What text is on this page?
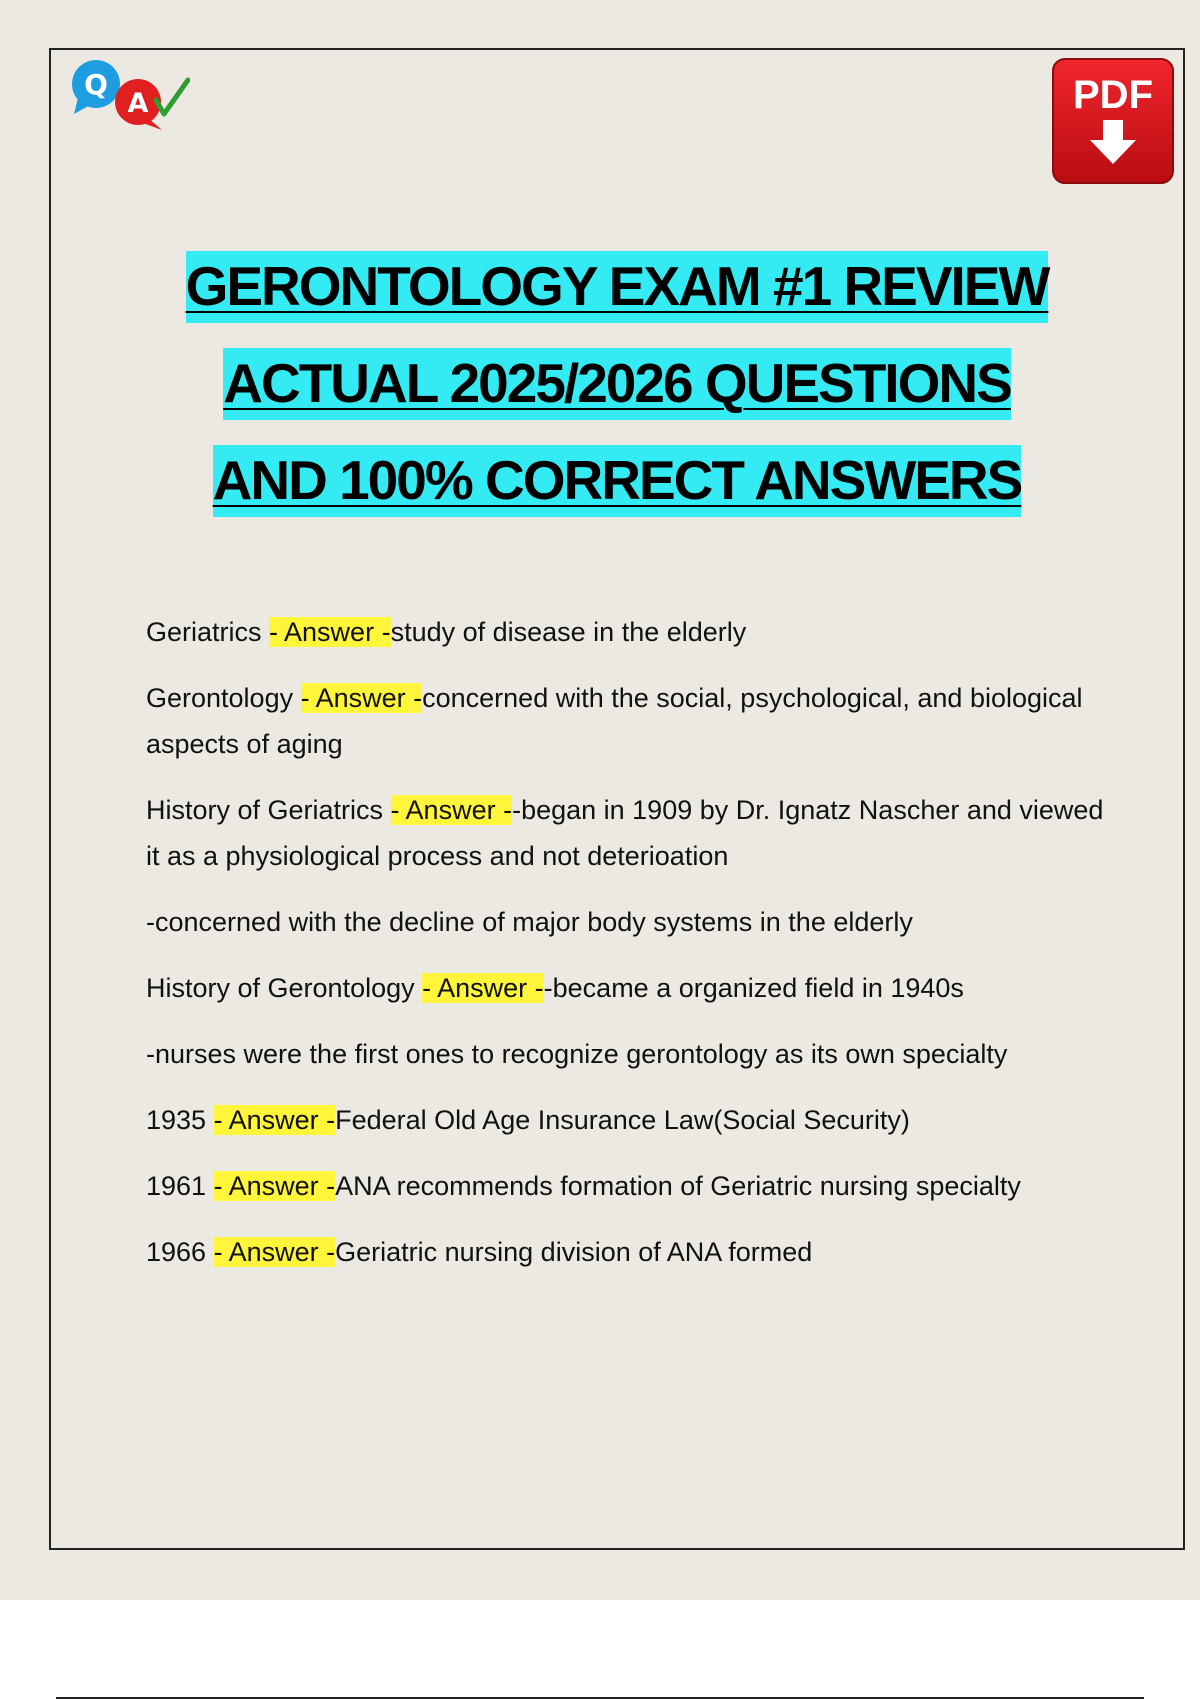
Q
A	PDF
GERONTOLOGY EXAM #1 REVIEW
ACTUAL 2025/2026 QUESTIONS
AND 100% CORRECT ANSWERS
Geriatrics - Answer -study of disease in the elderly
Gerontology - Answer -concerned with the social, psychological, and biological aspects of aging
History of Geriatrics - Answer --began in 1909 by Dr. Ignatz Nascher and viewed it as a physiological process and not deterioation
-concerned with the decline of major body systems in the elderly
History of Gerontology - Answer --became a organized field in 1940s
-nurses were the first ones to recognize gerontology as its own specialty
1935 - Answer -Federal Old Age Insurance Law(Social Security)
1961 - Answer -ANA recommends formation of Geriatric nursing specialty
1966 - Answer -Geriatric nursing division of ANA formed
